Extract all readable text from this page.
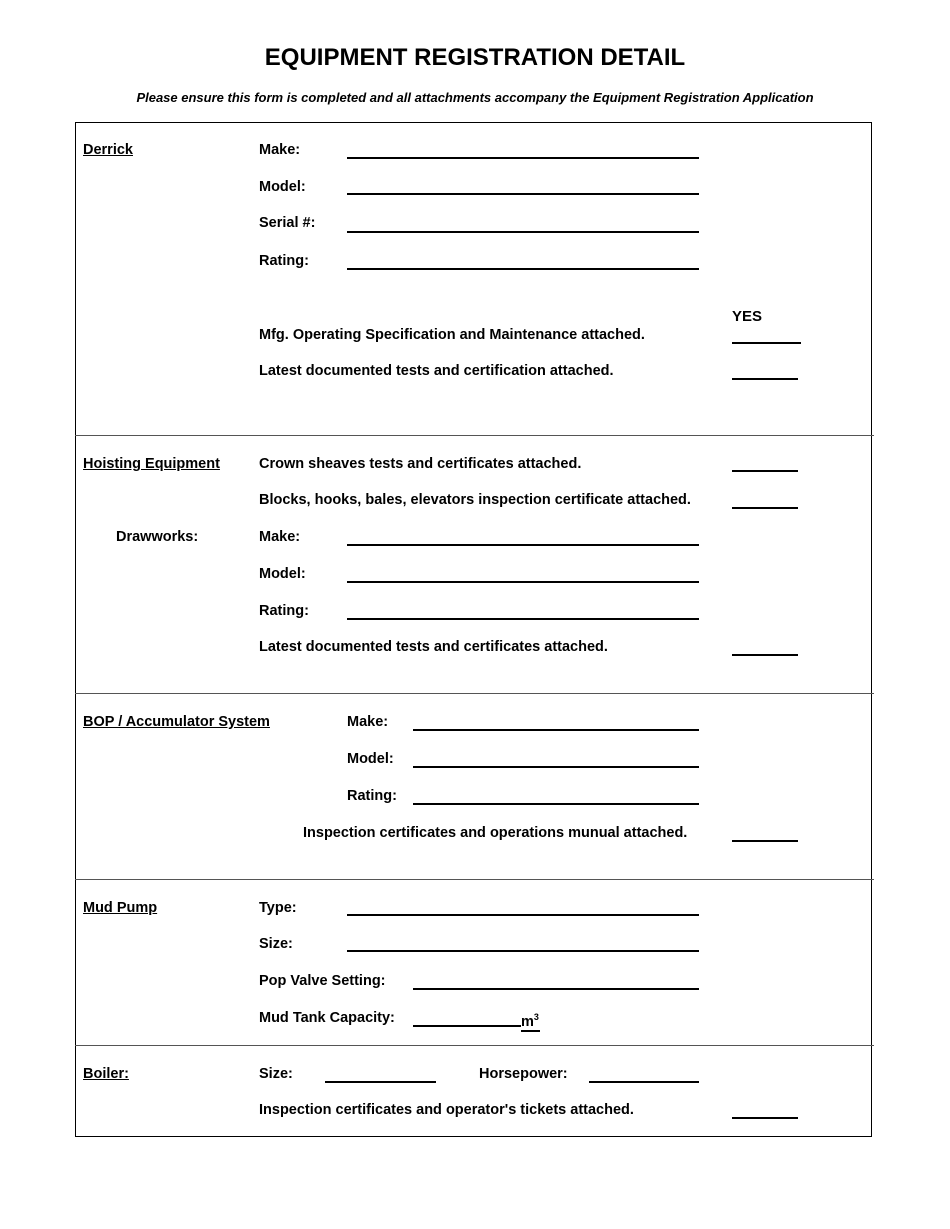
EQUIPMENT REGISTRATION DETAIL
Please ensure this form is completed and all attachments accompany the Equipment Registration Application
Derrick	Make:
Model:
Serial #:
Rating:
YES
Mfg. Operating Specification and Maintenance attached.
Latest documented tests and certification attached.
Hoisting Equipment	Crown sheaves tests and certificates attached.
Blocks, hooks, bales, elevators inspection certificate attached.
Drawworks:	Make:
Model:
Rating:
Latest documented tests and certificates attached.
BOP / Accumulator System	Make:
Model:
Rating:
Inspection certificates and operations munual attached.
Mud Pump	Type:
Size:
Pop Valve Setting:
Mud Tank Capacity:	$m^3$
Boiler:	Size:	Horsepower:
Inspection certificates and operator's tickets attached.
